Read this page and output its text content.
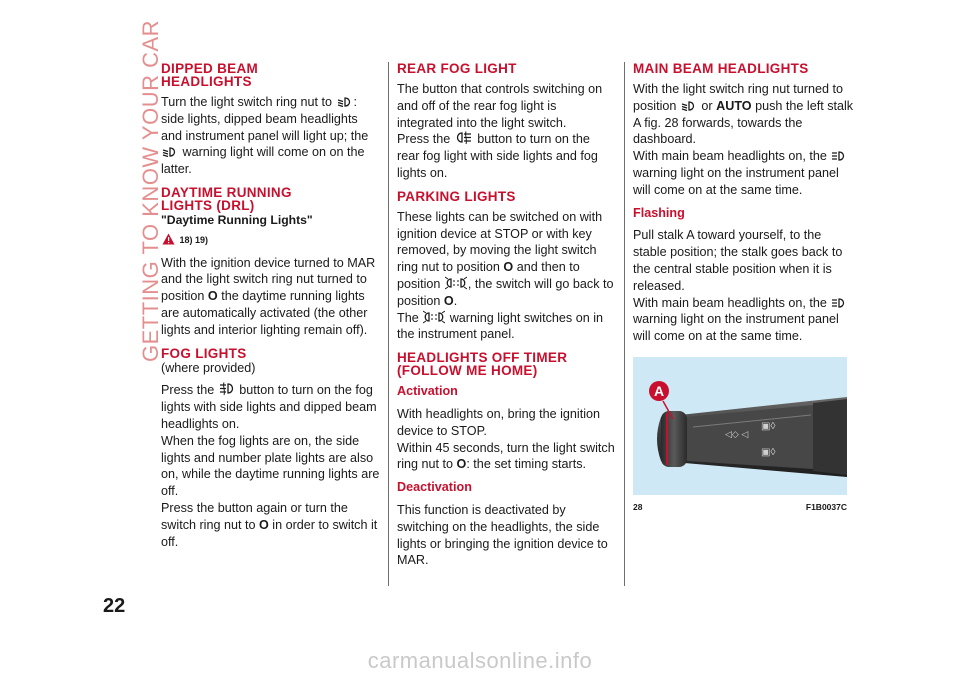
GETTING TO KNOW YOUR CAR
22
DIPPED BEAM
HEADLIGHTS

Turn the light switch ring nut to : side lights, dipped beam headlights and instrument panel will light up; the  warning light will come on on the latter.

DAYTIME RUNNING
LIGHTS (DRL)

"Daytime Running Lights"

18) 19)

With the ignition device turned to MAR and the light switch ring nut turned to position O the daytime running lights are automatically activated (the other lights and interior lighting remain off).

FOG LIGHTS

(where provided)

Press the button to turn on the fog lights with side lights and dipped beam headlights on.

When the fog lights are on, the side lights and number plate lights are also on, while the daytime running lights are off.

Press the button again or turn the switch ring nut to O in order to switch it off.

REAR FOG LIGHT

The button that controls switching on and off of the rear fog light is integrated into the light switch.

Press the button to turn on the rear fog light with side lights and fog lights on.

PARKING LIGHTS

These lights can be switched on with ignition device at STOP or with key removed, by moving the light switch ring nut to position O and then to position , the switch will go back to position O.

The warning light switches on in the instrument panel.

HEADLIGHTS OFF TIMER
(FOLLOW ME HOME)

Activation

With headlights on, bring the ignition device to STOP.

Within 45 seconds, turn the light switch ring nut to O: the set timing starts.

Deactivation

This function is deactivated by switching on the headlights, the side lights or bringing the ignition device to MAR.

MAIN BEAM HEADLIGHTS

With the light switch ring nut turned to position or AUTO push the left stalk A fig. 28 forwards, towards the dashboard.

With main beam headlights on, the  warning light on the instrument panel will come on at the same time.

Flashing

Pull stalk A toward yourself, to the stable position; the stalk goes back to the central stable position when it is released.

With main beam headlights on, the  warning light on the instrument panel will come on at the same time.

◁◇ ◁
▣◊
▣◊
A
28	F1B0037C
carmanualsonline.info
